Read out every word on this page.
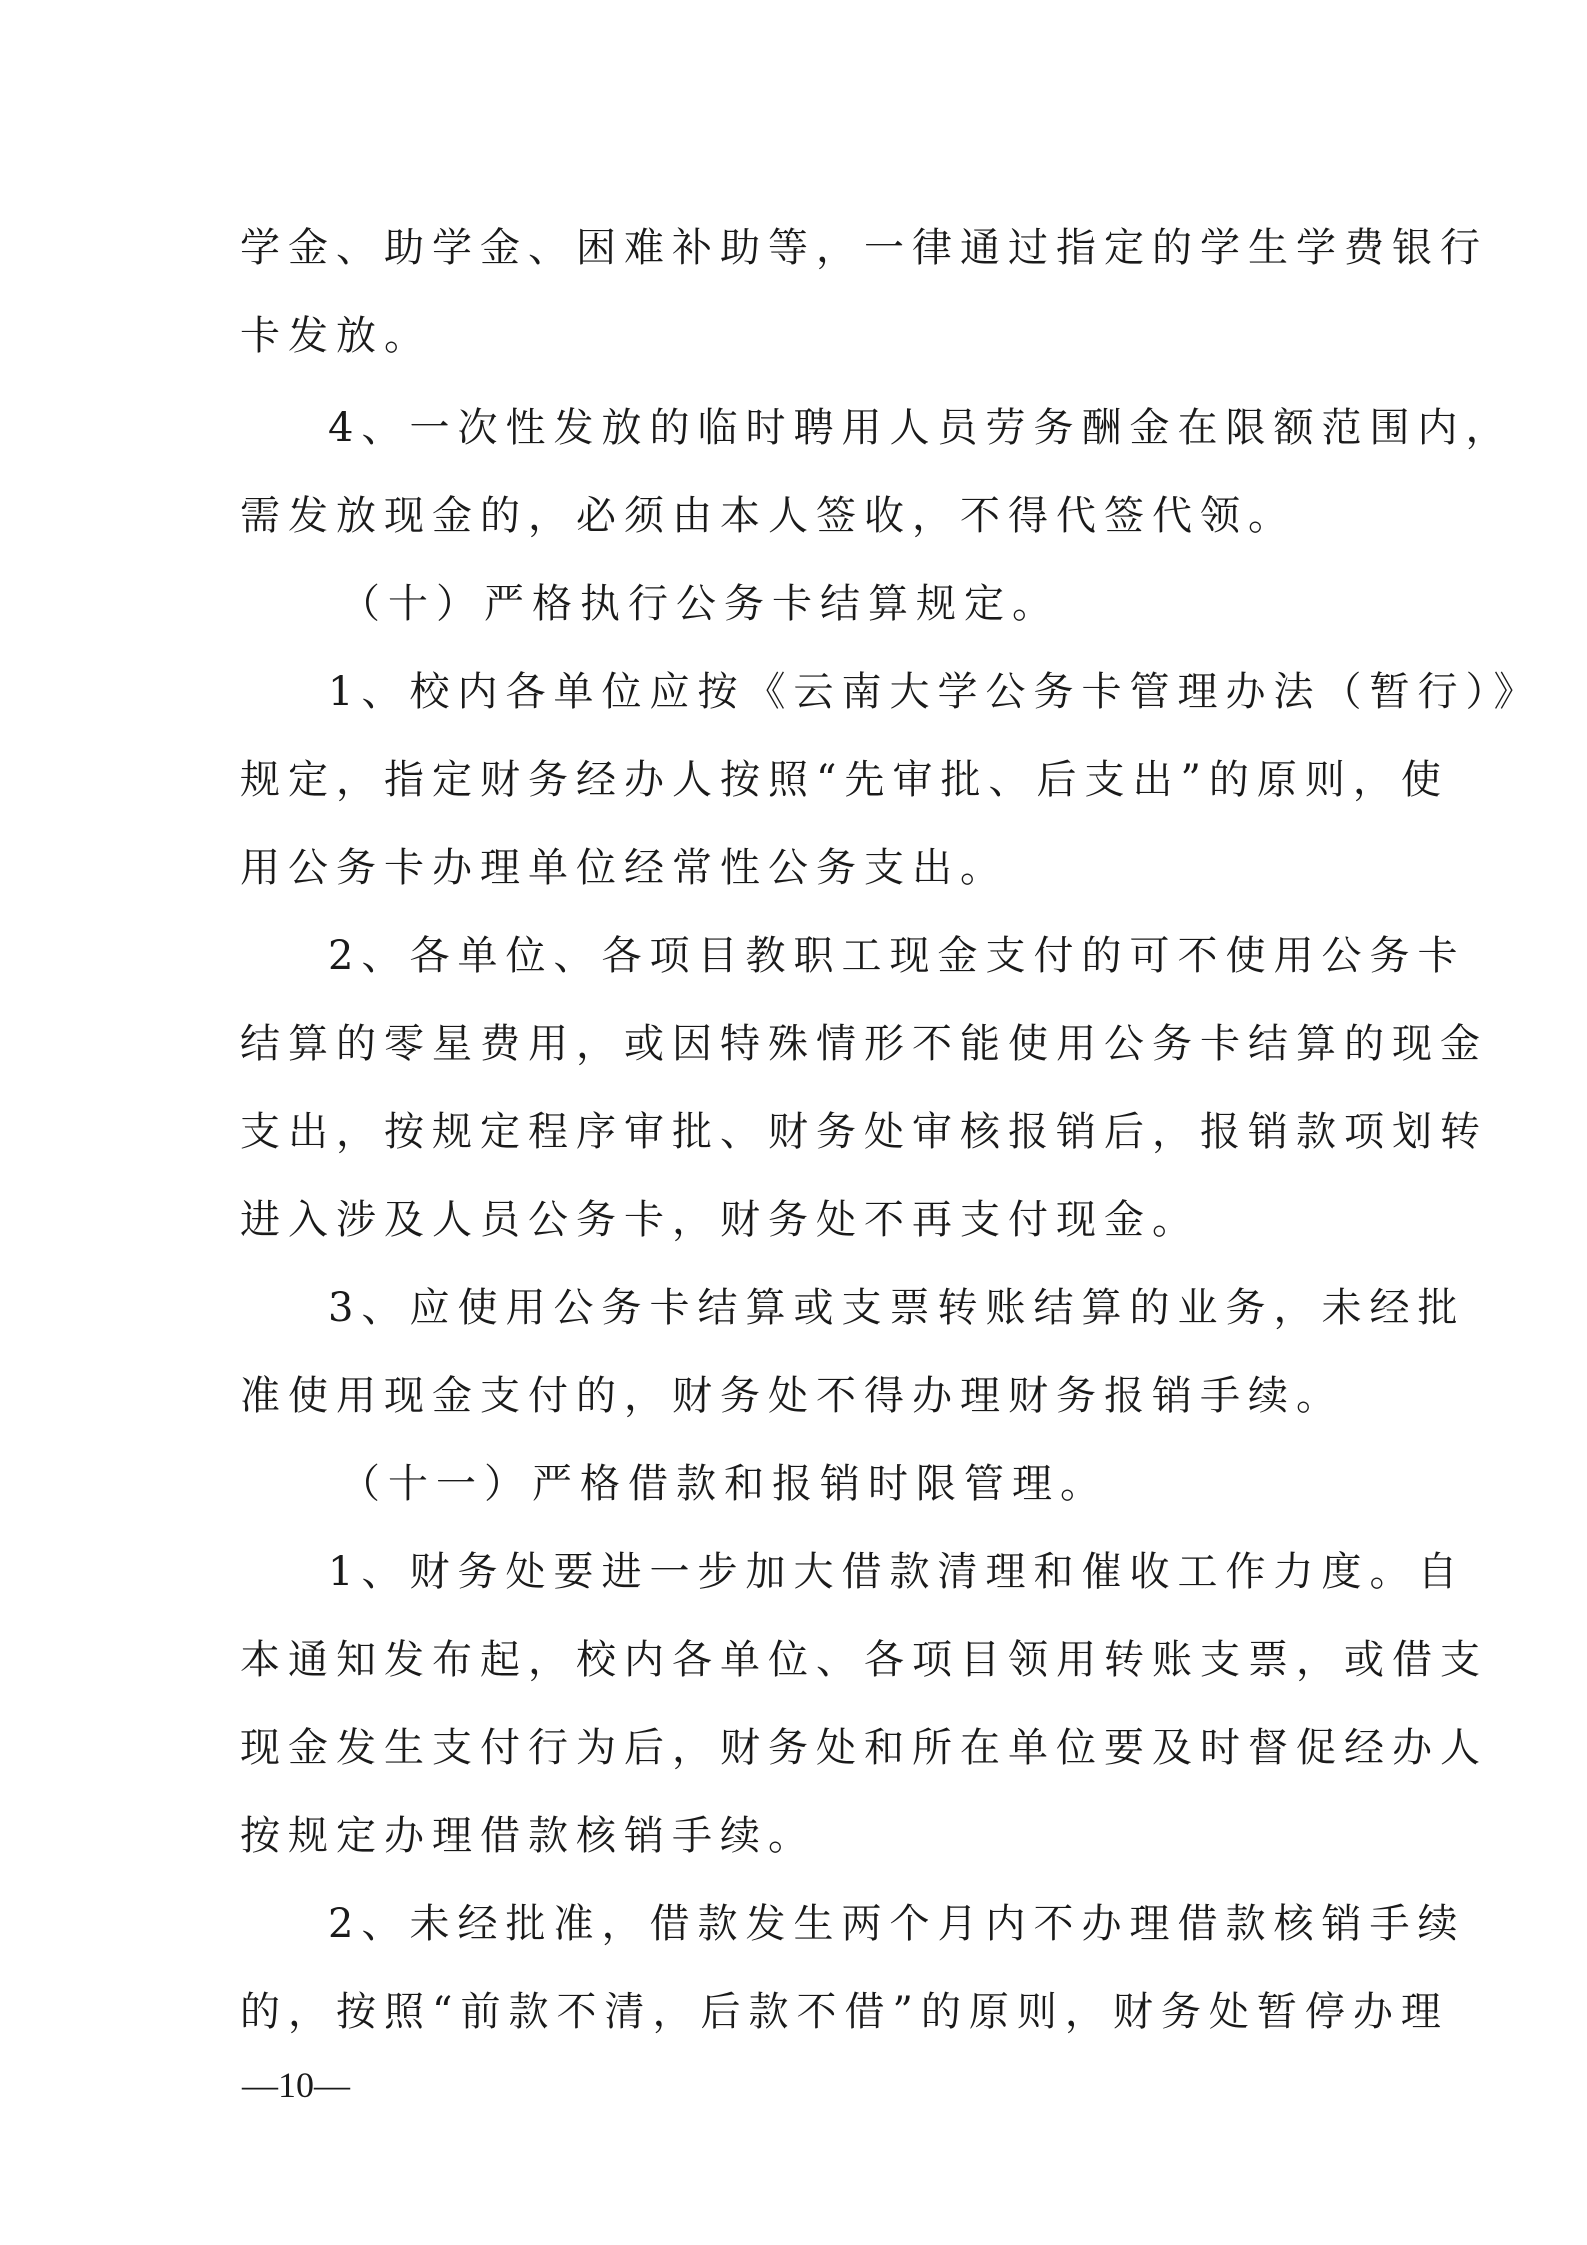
学金、助学金、困难补助等，一律通过指定的学生学费银行
卡发放。
4、一次性发放的临时聘用人员劳务酬金在限额范围内，
需发放现金的，必须由本人签收，不得代签代领。
（十）严格执行公务卡结算规定。
1、校内各单位应按《云南大学公务卡管理办法（暂行）》
规定，指定财务经办人按照“先审批、后支出”的原则，使
用公务卡办理单位经常性公务支出。
2、各单位、各项目教职工现金支付的可不使用公务卡
结算的零星费用，或因特殊情形不能使用公务卡结算的现金
支出，按规定程序审批、财务处审核报销后，报销款项划转
进入涉及人员公务卡，财务处不再支付现金。
3、应使用公务卡结算或支票转账结算的业务，未经批
准使用现金支付的，财务处不得办理财务报销手续。
（十一）严格借款和报销时限管理。
1、财务处要进一步加大借款清理和催收工作力度。自
本通知发布起，校内各单位、各项目领用转账支票，或借支
现金发生支付行为后，财务处和所在单位要及时督促经办人
按规定办理借款核销手续。
2、未经批准，借款发生两个月内不办理借款核销手续
的，按照“前款不清，后款不借”的原则，财务处暂停办理
—10—
